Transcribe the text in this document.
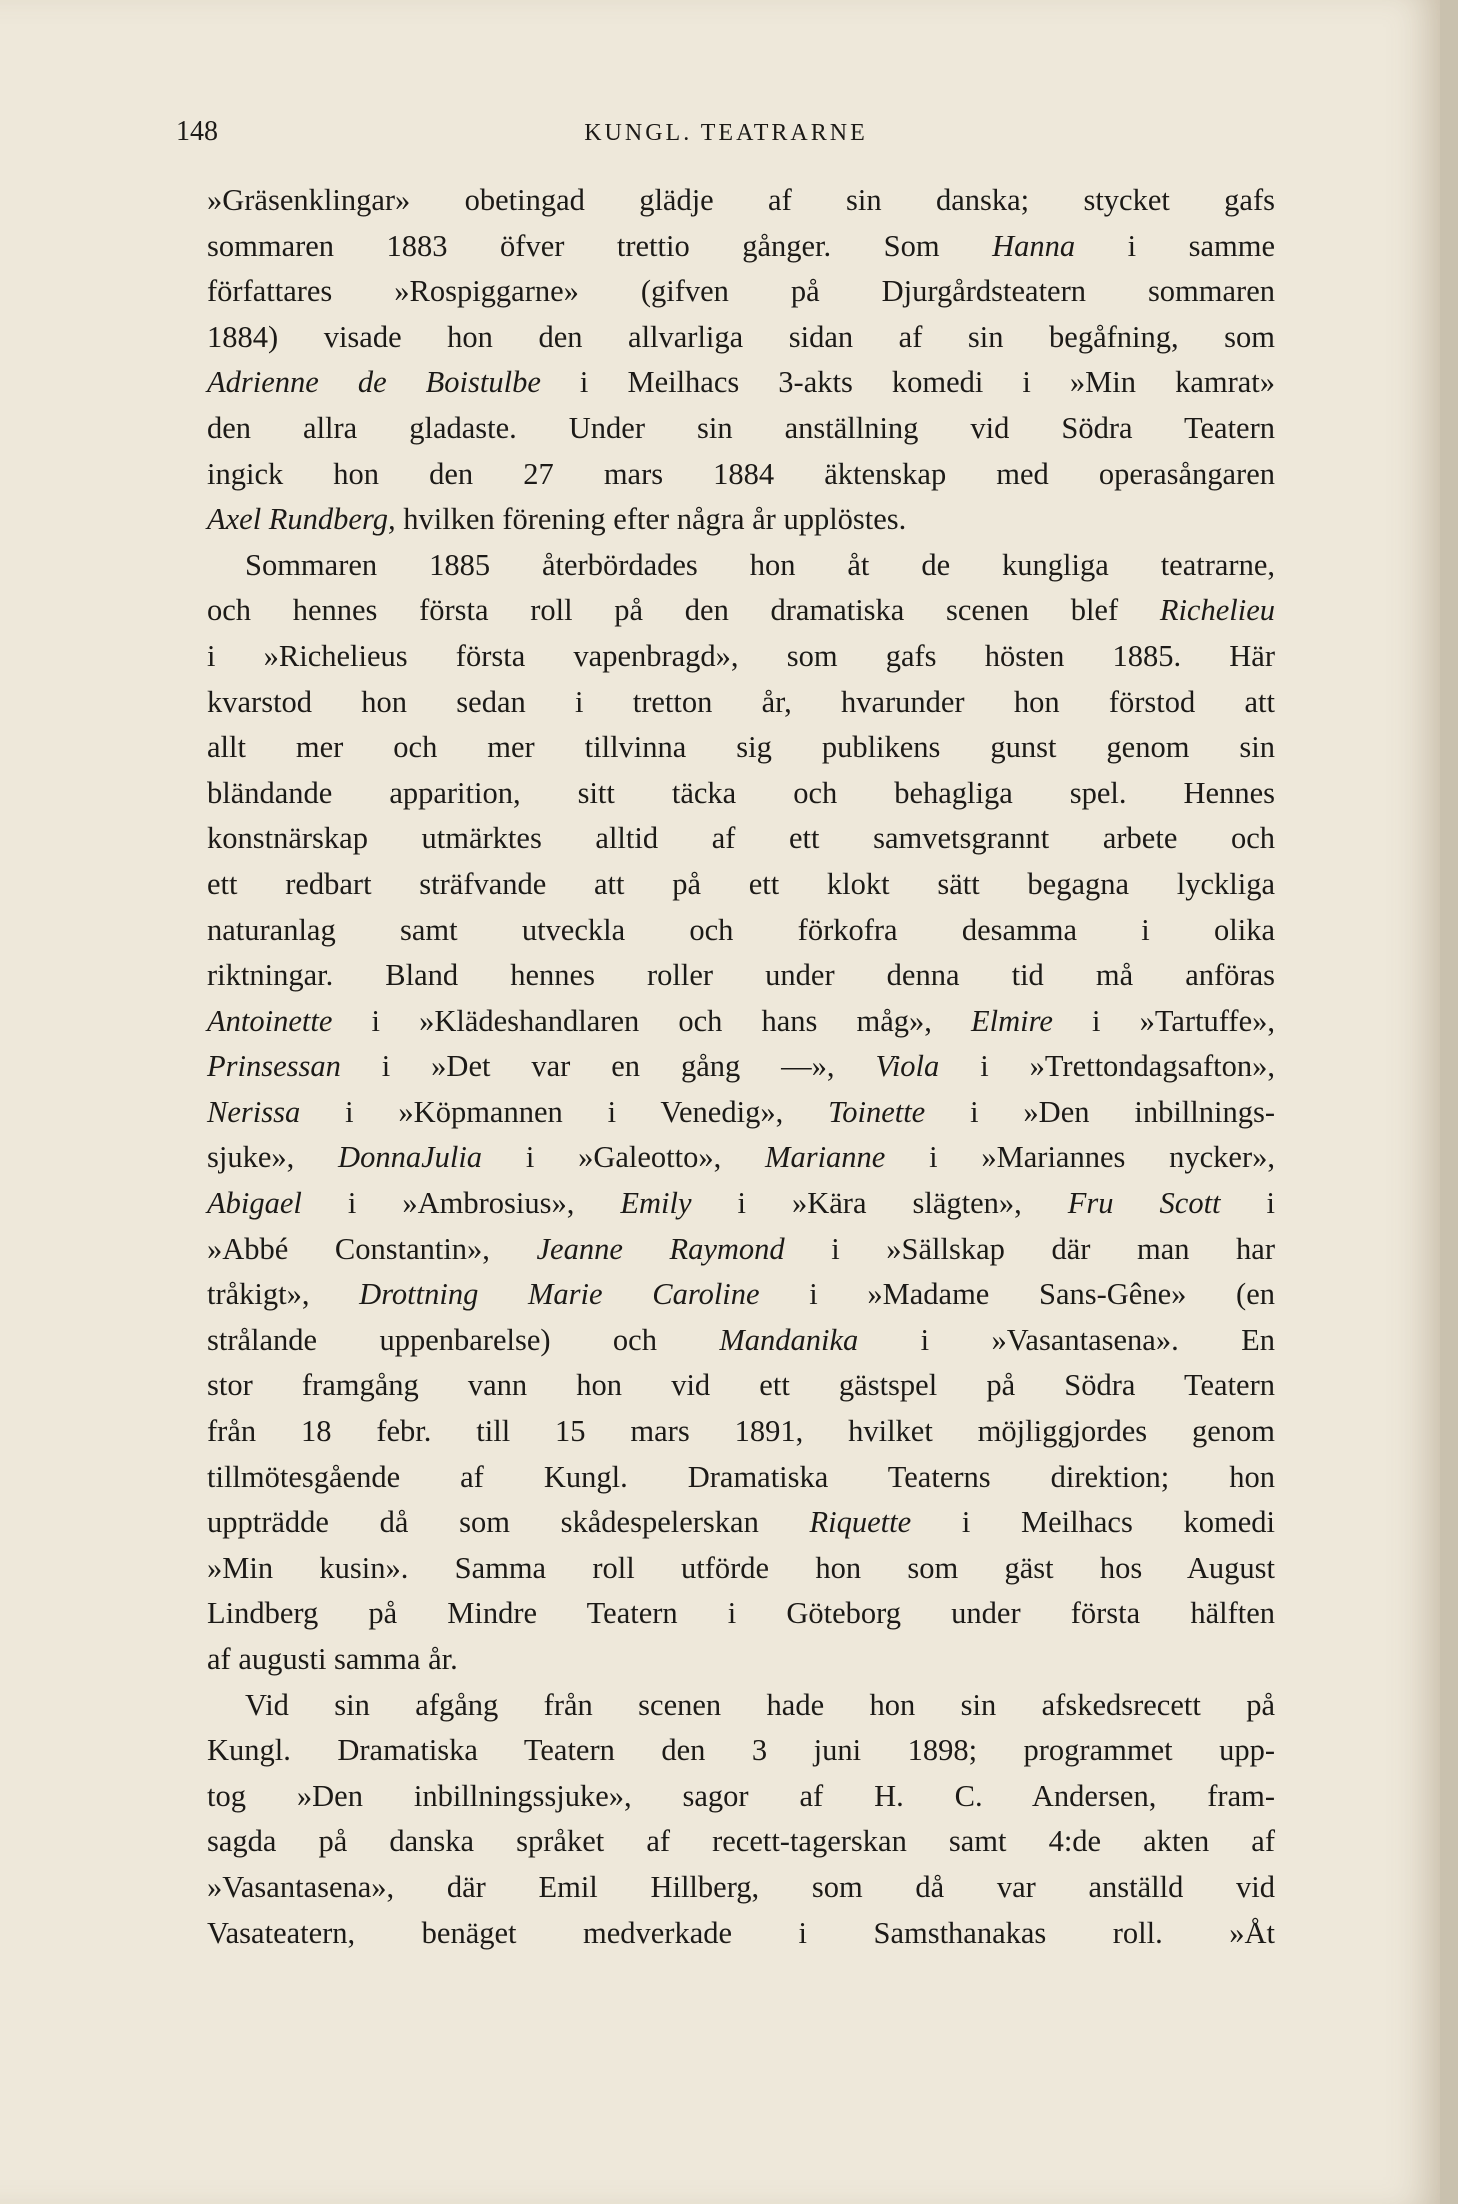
148	KUNGL. TEATRARNE
»Gräsenklingar» obetingad glädje af sin danska; stycket gafs
sommaren 1883 öfver trettio gånger. Som Hanna i samme
författares »Rospiggarne» (gifven på Djurgårdsteatern sommaren
1884) visade hon den allvarliga sidan af sin begåfning, som
Adrienne de Boistulbe i Meilhacs 3-akts komedi i »Min kamrat»
den allra gladaste. Under sin anställning vid Södra Teatern
ingick hon den 27 mars 1884 äktenskap med operasångaren
Axel Rundberg, hvilken förening efter några år upplöstes.
Sommaren 1885 återbördades hon åt de kungliga teatrarne,
och hennes första roll på den dramatiska scenen blef Richelieu
i »Richelieus första vapenbragd», som gafs hösten 1885. Här
kvarstod hon sedan i tretton år, hvarunder hon förstod att
allt mer och mer tillvinna sig publikens gunst genom sin
bländande apparition, sitt täcka och behagliga spel. Hennes
konstnärskap utmärktes alltid af ett samvetsgrannt arbete och
ett redbart sträfvande att på ett klokt sätt begagna lyckliga
naturanlag samt utveckla och förkofra desamma i olika
riktningar. Bland hennes roller under denna tid må anföras
Antoinette i »Klädeshandlaren och hans måg», Elmire i »Tartuffe»,
Prinsessan i »Det var en gång —», Viola i »Trettondagsafton»,
Nerissa i »Köpmannen i Venedig», Toinette i »Den inbillnings-
sjuke», DonnaJulia i »Galeotto», Marianne i »Mariannes nycker»,
Abigael i »Ambrosius», Emily i »Kära slägten», Fru Scott i
»Abbé Constantin», Jeanne Raymond i »Sällskap där man har
tråkigt», Drottning Marie Caroline i »Madame Sans-Gêne» (en
strålande uppenbarelse) och Mandanika i »Vasantasena». En
stor framgång vann hon vid ett gästspel på Södra Teatern
från 18 febr. till 15 mars 1891, hvilket möjliggjordes genom
tillmötesgående af Kungl. Dramatiska Teaterns direktion; hon
uppträdde då som skådespelerskan Riquette i Meilhacs komedi
»Min kusin». Samma roll utförde hon som gäst hos August
Lindberg på Mindre Teatern i Göteborg under första hälften
af augusti samma år.
Vid sin afgång från scenen hade hon sin afskedsrecett på
Kungl. Dramatiska Teatern den 3 juni 1898; programmet upp-
tog »Den inbillningssjuke», sagor af H. C. Andersen, fram-
sagda på danska språket af recett-tagerskan samt 4:de akten af
»Vasantasena», där Emil Hillberg, som då var anställd vid
Vasateatern, benäget medverkade i Samsthanakas roll. »Åt
